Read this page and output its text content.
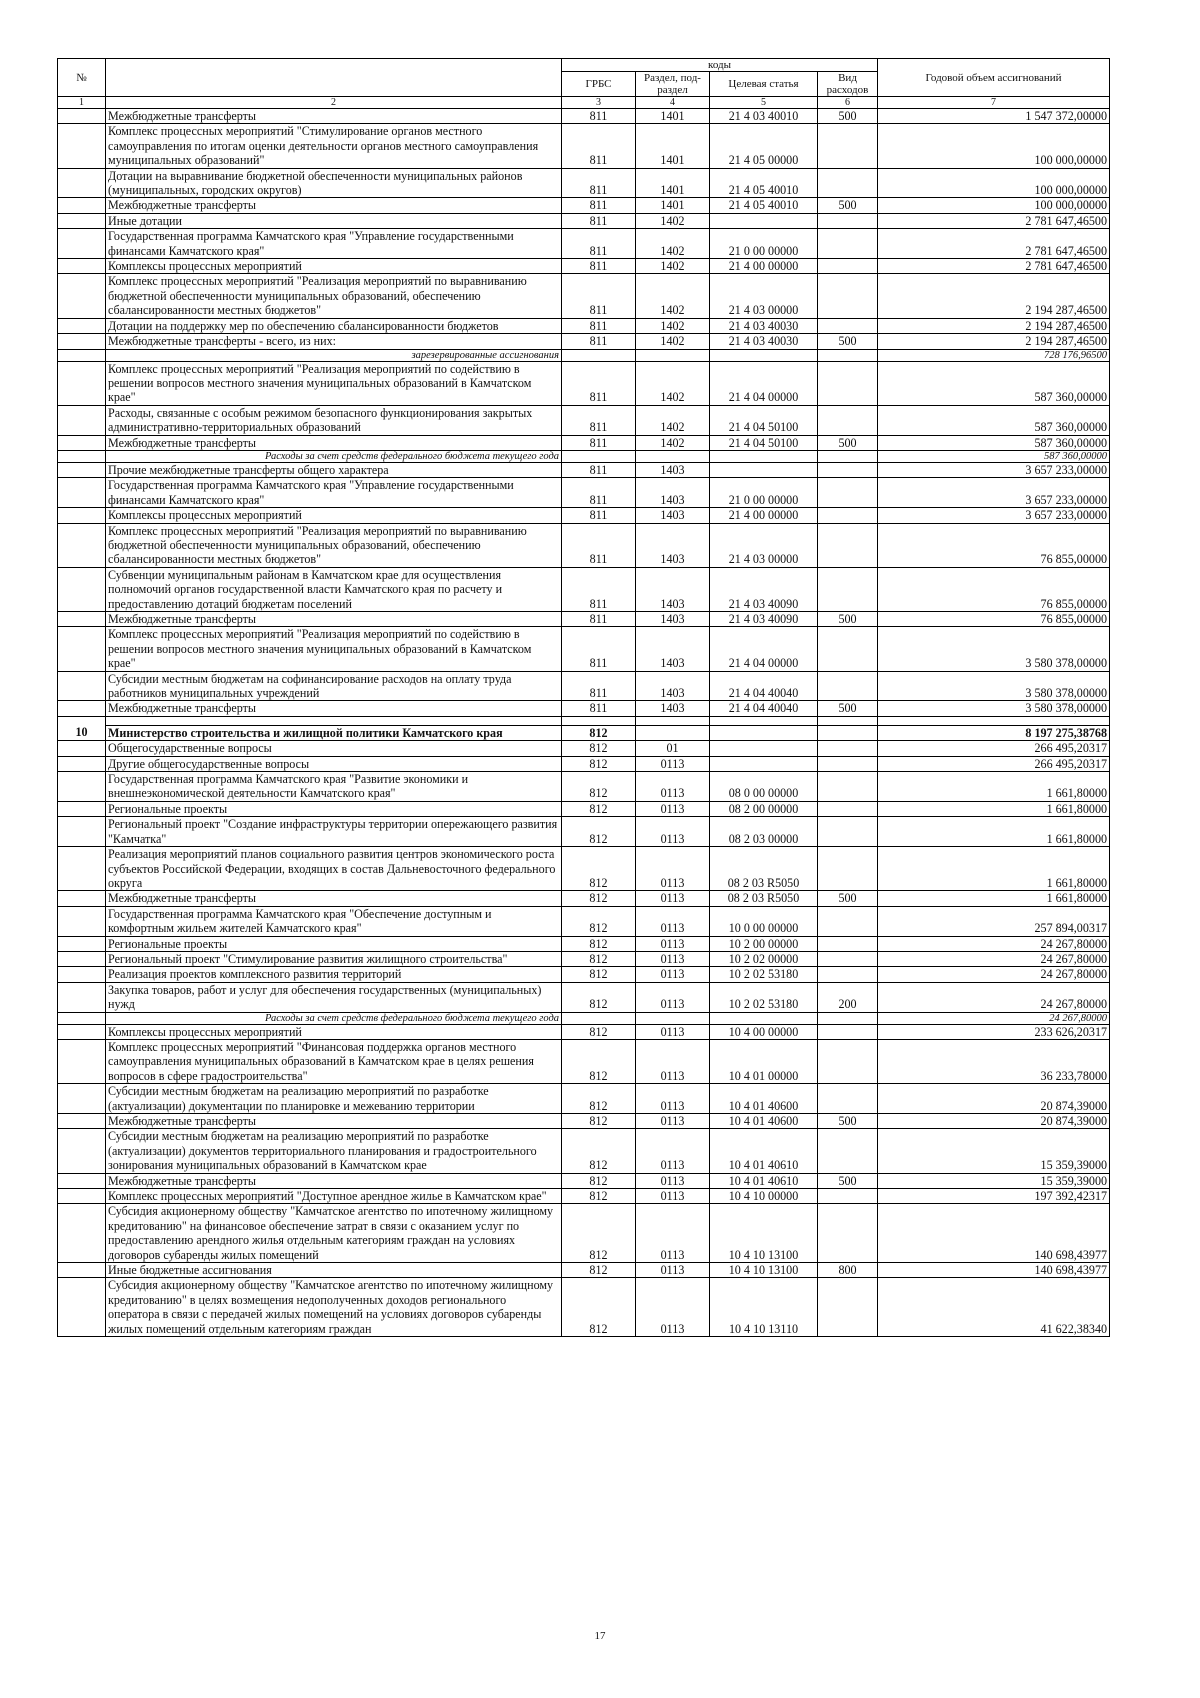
№		коды				Годовой объем ассигнований
		ГРБС	Раздел, под-раздел	Целевая статья	Вид расходов	
1	2	3	4	5	6	7
	Межбюджетные трансферты	811	1401	21 4 03 40010	500	1 547 372,00000
	Комплекс процессных мероприятий "Стимулирование органов местного самоуправления по итогам оценки деятельности органов местного самоуправления муниципальных образований"	811	1401	21 4 05 00000		100 000,00000
	Дотации на выравнивание бюджетной обеспеченности муниципальных районов (муниципальных, городских округов)	811	1401	21 4 05 40010		100 000,00000
	Межбюджетные трансферты	811	1401	21 4 05 40010	500	100 000,00000
	Иные дотации	811	1402			2 781 647,46500
	Государственная программа Камчатского края "Управление государственными финансами Камчатского края"	811	1402	21 0 00 00000		2 781 647,46500
	Комплексы процессных мероприятий	811	1402	21 4 00 00000		2 781 647,46500
	Комплекс процессных мероприятий "Реализация мероприятий по выравниванию бюджетной обеспеченности муниципальных образований, обеспечению сбалансированности местных бюджетов"	811	1402	21 4 03 00000		2 194 287,46500
	Дотации на поддержку мер по обеспечению сбалансированности бюджетов	811	1402	21 4 03 40030		2 194 287,46500
	Межбюджетные трансферты - всего, из них:	811	1402	21 4 03 40030	500	2 194 287,46500
	зарезервированные ассигнования					728 176,96500
	Комплекс процессных мероприятий "Реализация мероприятий по содействию в решении вопросов местного значения муниципальных образований в Камчатском крае"	811	1402	21 4 04 00000		587 360,00000
	Расходы, связанные с особым режимом безопасного функционирования закрытых административно-территориальных образований	811	1402	21 4 04 50100		587 360,00000
	Межбюджетные трансферты	811	1402	21 4 04 50100	500	587 360,00000
	Расходы за счет средств федерального бюджета текущего года					587 360,00000
	Прочие межбюджетные трансферты общего характера	811	1403			3 657 233,00000
	Государственная программа Камчатского края "Управление государственными финансами Камчатского края"	811	1403	21 0 00 00000		3 657 233,00000
	Комплексы процессных мероприятий	811	1403	21 4 00 00000		3 657 233,00000
	Комплекс процессных мероприятий "Реализация мероприятий по выравниванию бюджетной обеспеченности муниципальных образований, обеспечению сбалансированности местных бюджетов"	811	1403	21 4 03 00000		76 855,00000
	Субвенции муниципальным районам в Камчатском крае для осуществления полномочий органов государственной власти Камчатского края по расчету и предоставлению дотаций бюджетам поселений	811	1403	21 4 03 40090		76 855,00000
	Межбюджетные трансферты	811	1403	21 4 03 40090	500	76 855,00000
	Комплекс процессных мероприятий "Реализация мероприятий по содействию в решении вопросов местного значения муниципальных образований в Камчатском крае"	811	1403	21 4 04 00000		3 580 378,00000
	Субсидии местным бюджетам на софинансирование расходов на оплату труда работников муниципальных учреждений	811	1403	21 4 04 40040		3 580 378,00000
	Межбюджетные трансферты	811	1403	21 4 04 40040	500	3 580 378,00000

10	Министерство строительства и жилищной политики Камчатского края	812				8 197 275,38768
	Общегосударственные вопросы	812	01			266 495,20317
	Другие общегосударственные вопросы	812	0113			266 495,20317
	Государственная программа Камчатского края "Развитие экономики и внешнеэкономической деятельности Камчатского края"	812	0113	08 0 00 00000		1 661,80000
	Региональные проекты	812	0113	08 2 00 00000		1 661,80000
	Региональный проект "Создание инфраструктуры территории опережающего развития "Камчатка"	812	0113	08 2 03 00000		1 661,80000
	Реализация мероприятий планов социального развития центров экономического роста субъектов Российской Федерации, входящих в состав Дальневосточного федерального округа	812	0113	08 2 03 R5050		1 661,80000
	Межбюджетные трансферты	812	0113	08 2 03 R5050	500	1 661,80000
	Государственная программа Камчатского края "Обеспечение доступным и комфортным жильем жителей Камчатского края"	812	0113	10 0 00 00000		257 894,00317
	Региональные проекты	812	0113	10 2 00 00000		24 267,80000
	Региональный проект "Стимулирование развития жилищного строительства"	812	0113	10 2 02 00000		24 267,80000
	Реализация проектов комплексного развития территорий	812	0113	10 2 02 53180		24 267,80000
	Закупка товаров, работ и услуг для обеспечения государственных (муниципальных) нужд	812	0113	10 2 02 53180	200	24 267,80000
	Расходы за счет средств федерального бюджета текущего года					24 267,80000
	Комплексы процессных мероприятий	812	0113	10 4 00 00000		233 626,20317
	Комплекс процессных мероприятий "Финансовая поддержка органов местного самоуправления муниципальных образований в Камчатском крае в целях решения вопросов в сфере градостроительства"	812	0113	10 4 01 00000		36 233,78000
	Субсидии местным бюджетам на реализацию мероприятий по разработке (актуализации) документации по планировке и межеванию территории	812	0113	10 4 01 40600		20 874,39000
	Межбюджетные трансферты	812	0113	10 4 01 40600	500	20 874,39000
	Субсидии местным бюджетам на реализацию мероприятий по разработке (актуализации) документов территориального планирования и градостроительного зонирования муниципальных образований в Камчатском крае	812	0113	10 4 01 40610		15 359,39000
	Межбюджетные трансферты	812	0113	10 4 01 40610	500	15 359,39000
	Комплекс процессных мероприятий "Доступное арендное жилье в Камчатском крае"	812	0113	10 4 10 00000		197 392,42317
	Субсидия акционерному обществу "Камчатское агентство по ипотечному жилищному кредитованию" на финансовое обеспечение затрат в связи с оказанием услуг по предоставлению арендного жилья отдельным категориям граждан на условиях договоров субаренды жилых помещений	812	0113	10 4 10 13100		140 698,43977
	Иные бюджетные ассигнования	812	0113	10 4 10 13100	800	140 698,43977
	Субсидия акционерному обществу "Камчатское агентство по ипотечному жилищному кредитованию" в целях возмещения недополученных доходов регионального оператора в связи с передачей жилых помещений на условиях договоров субаренды жилых помещений отдельным категориям граждан	812	0113	10 4 10 13110		41 622,38340
17
